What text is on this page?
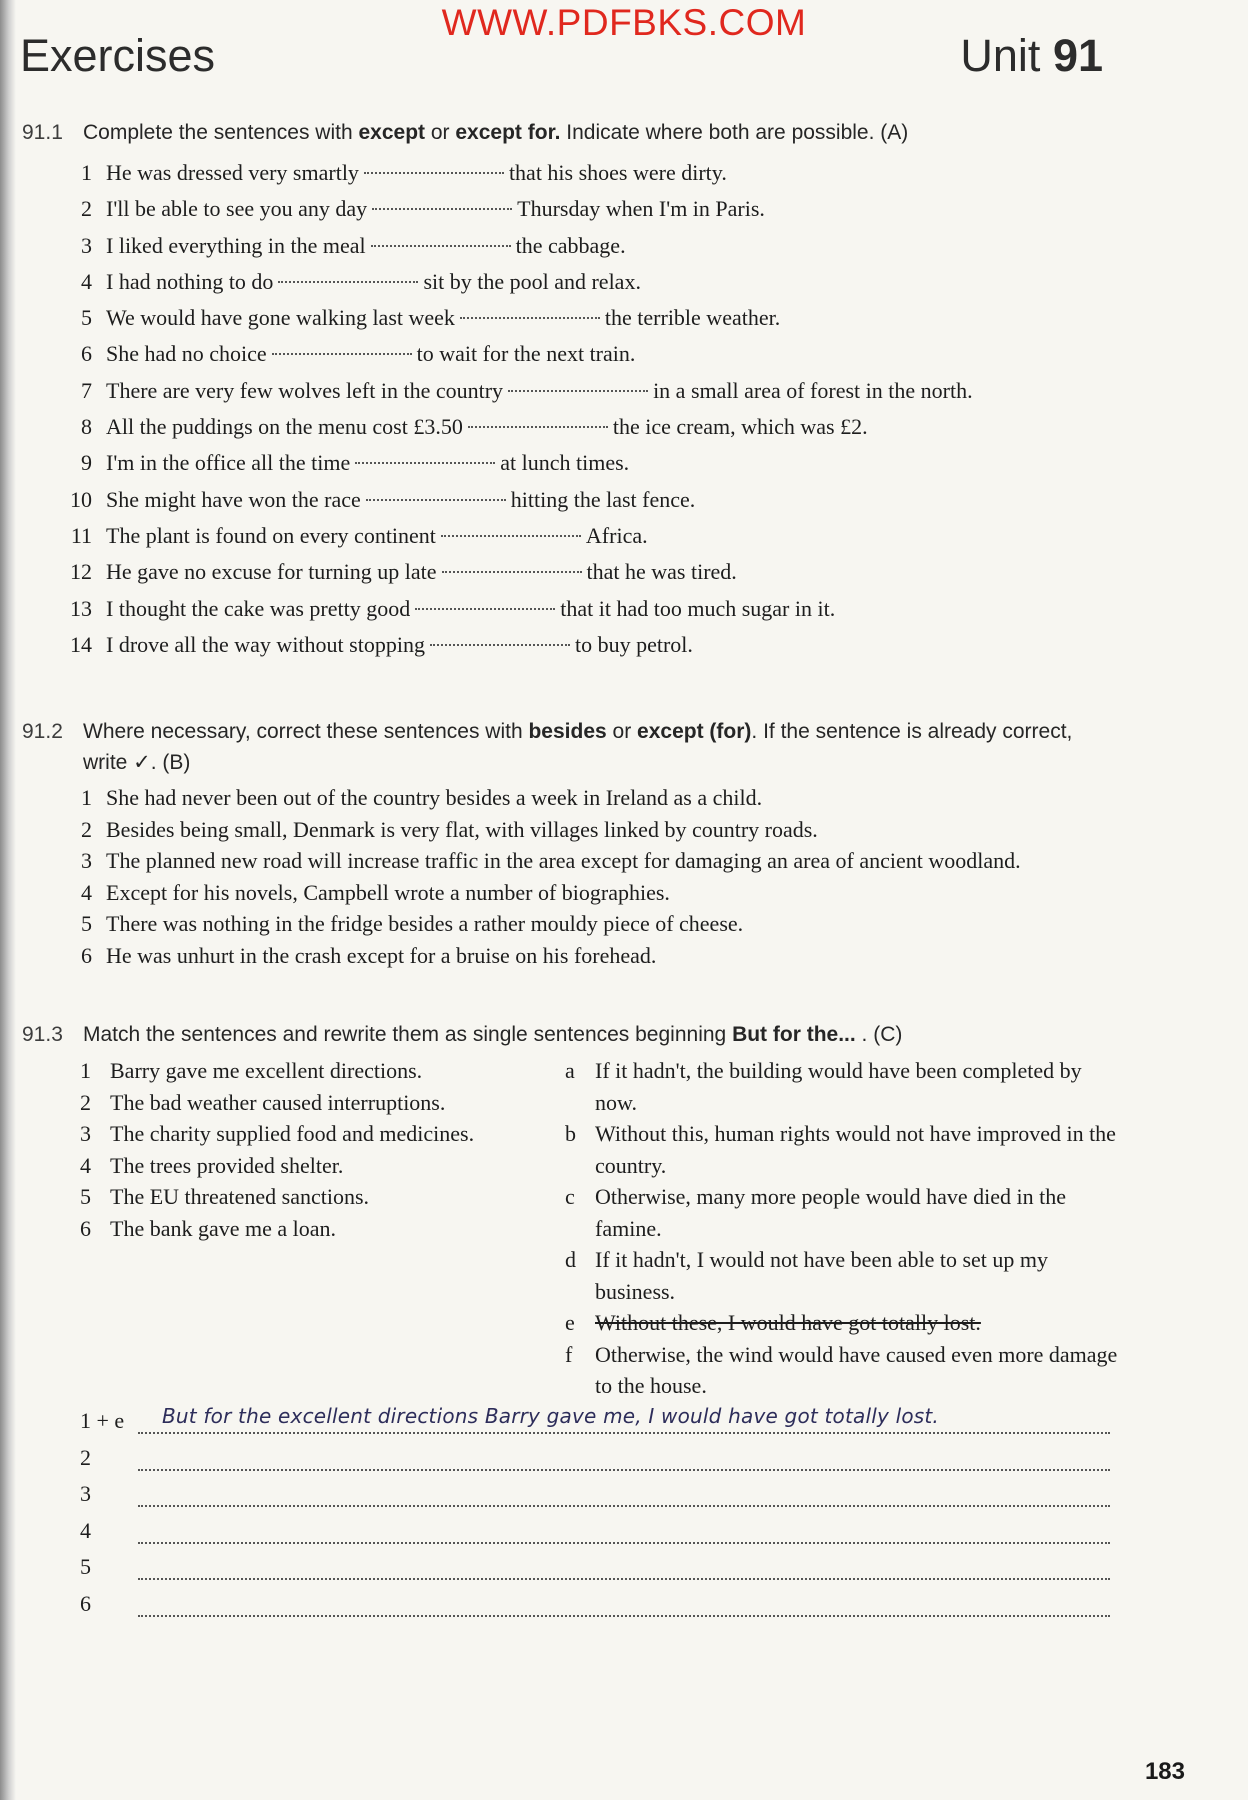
WWW.PDFBKS.COM
Exercises	Unit 91
91.1 Complete the sentences with except or except for. Indicate where both are possible. (A)
1 He was dressed very smartly	that his shoes were dirty.
2 I'll be able to see you any day	Thursday when I'm in Paris.
3 I liked everything in the meal	the cabbage.
4 I had nothing to do	sit by the pool and relax.
5 We would have gone walking last week	the terrible weather.
6 She had no choice	to wait for the next train.
7 There are very few wolves left in the country	in a small area of forest in the north.
8 All the puddings on the menu cost £3.50	the ice cream, which was £2.
9 I'm in the office all the time	at lunch times.
10 She might have won the race	hitting the last fence.
11 The plant is found on every continent	Africa.
12 He gave no excuse for turning up late	that he was tired.
13 I thought the cake was pretty good	that it had too much sugar in it.
14 I drove all the way without stopping	to buy petrol.
91.2 Where necessary, correct these sentences with besides or except (for). If the sentence is already correct, write ✓. (B)
1 She had never been out of the country besides a week in Ireland as a child.
2 Besides being small, Denmark is very flat, with villages linked by country roads.
3 The planned new road will increase traffic in the area except for damaging an area of ancient woodland.
4 Except for his novels, Campbell wrote a number of biographies.
5 There was nothing in the fridge besides a rather mouldy piece of cheese.
6 He was unhurt in the crash except for a bruise on his forehead.
91.3 Match the sentences and rewrite them as single sentences beginning But for the... . (C)
1 Barry gave me excellent directions.
2 The bad weather caused interruptions.
3 The charity supplied food and medicines.
4 The trees provided shelter.
5 The EU threatened sanctions.
6 The bank gave me a loan.
a If it hadn't, the building would have been completed by now.
b Without this, human rights would not have improved in the country.
c Otherwise, many more people would have died in the famine.
d If it hadn't, I would not have been able to set up my business.
e Without these, I would have got totally lost.
f Otherwise, the wind would have caused even more damage to the house.
1 + e But for the excellent directions Barry gave me, I would have got totally lost.
2
3
4
5
6
183
